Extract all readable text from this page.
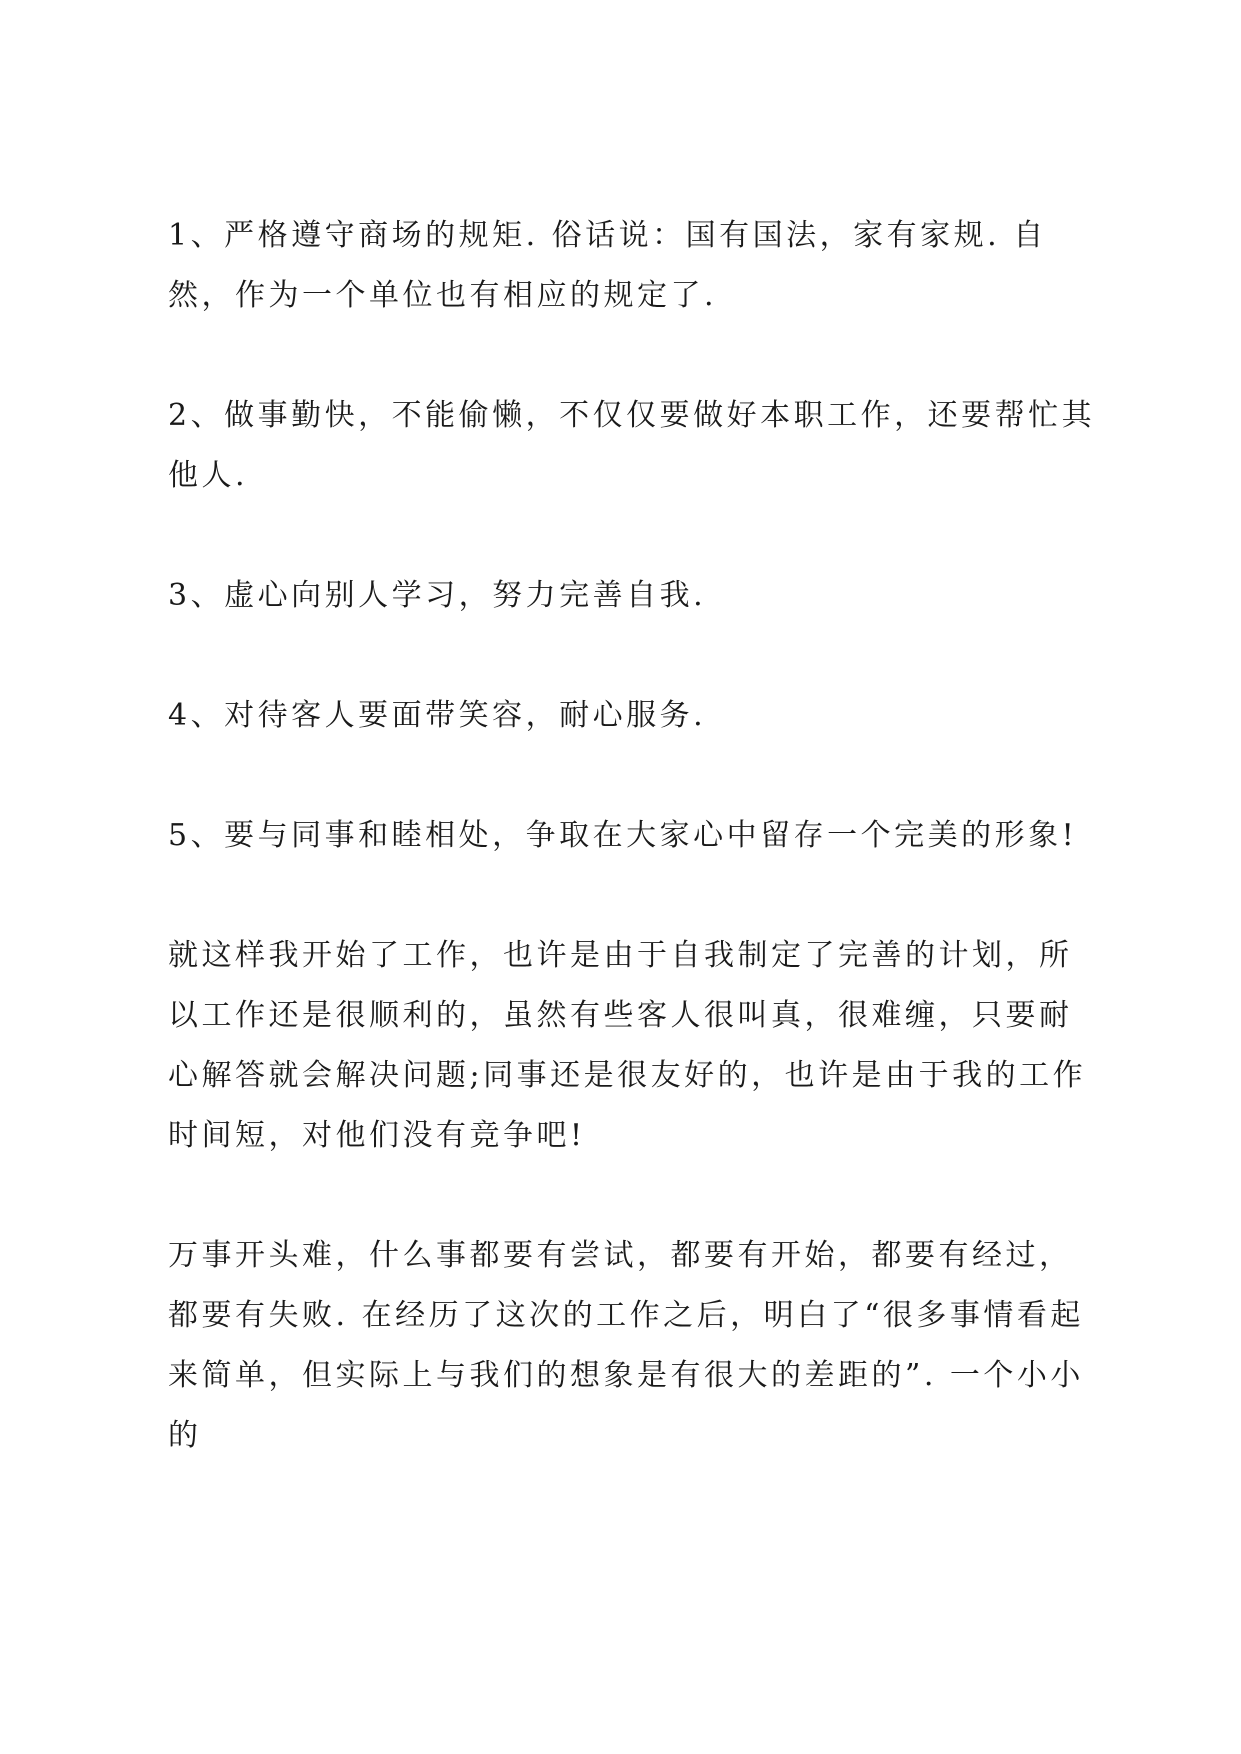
1、严格遵守商场的规矩. 俗话说：国有国法，家有家规. 自然，作为一个单位也有相应的规定了.

2、做事勤快，不能偷懒，不仅仅要做好本职工作，还要帮忙其他人.

3、虚心向别人学习，努力完善自我.

4、对待客人要面带笑容，耐心服务.

5、要与同事和睦相处，争取在大家心中留存一个完美的形象!

就这样我开始了工作，也许是由于自我制定了完善的计划，所以工作还是很顺利的，虽然有些客人很叫真，很难缠，只要耐心解答就会解决问题;同事还是很友好的，也许是由于我的工作时间短，对他们没有竞争吧!

万事开头难，什么事都要有尝试，都要有开始，都要有经过，都要有失败. 在经历了这次的工作之后，明白了“很多事情看起来简单，但实际上与我们的想象是有很大的差距的”. 一个小小的
